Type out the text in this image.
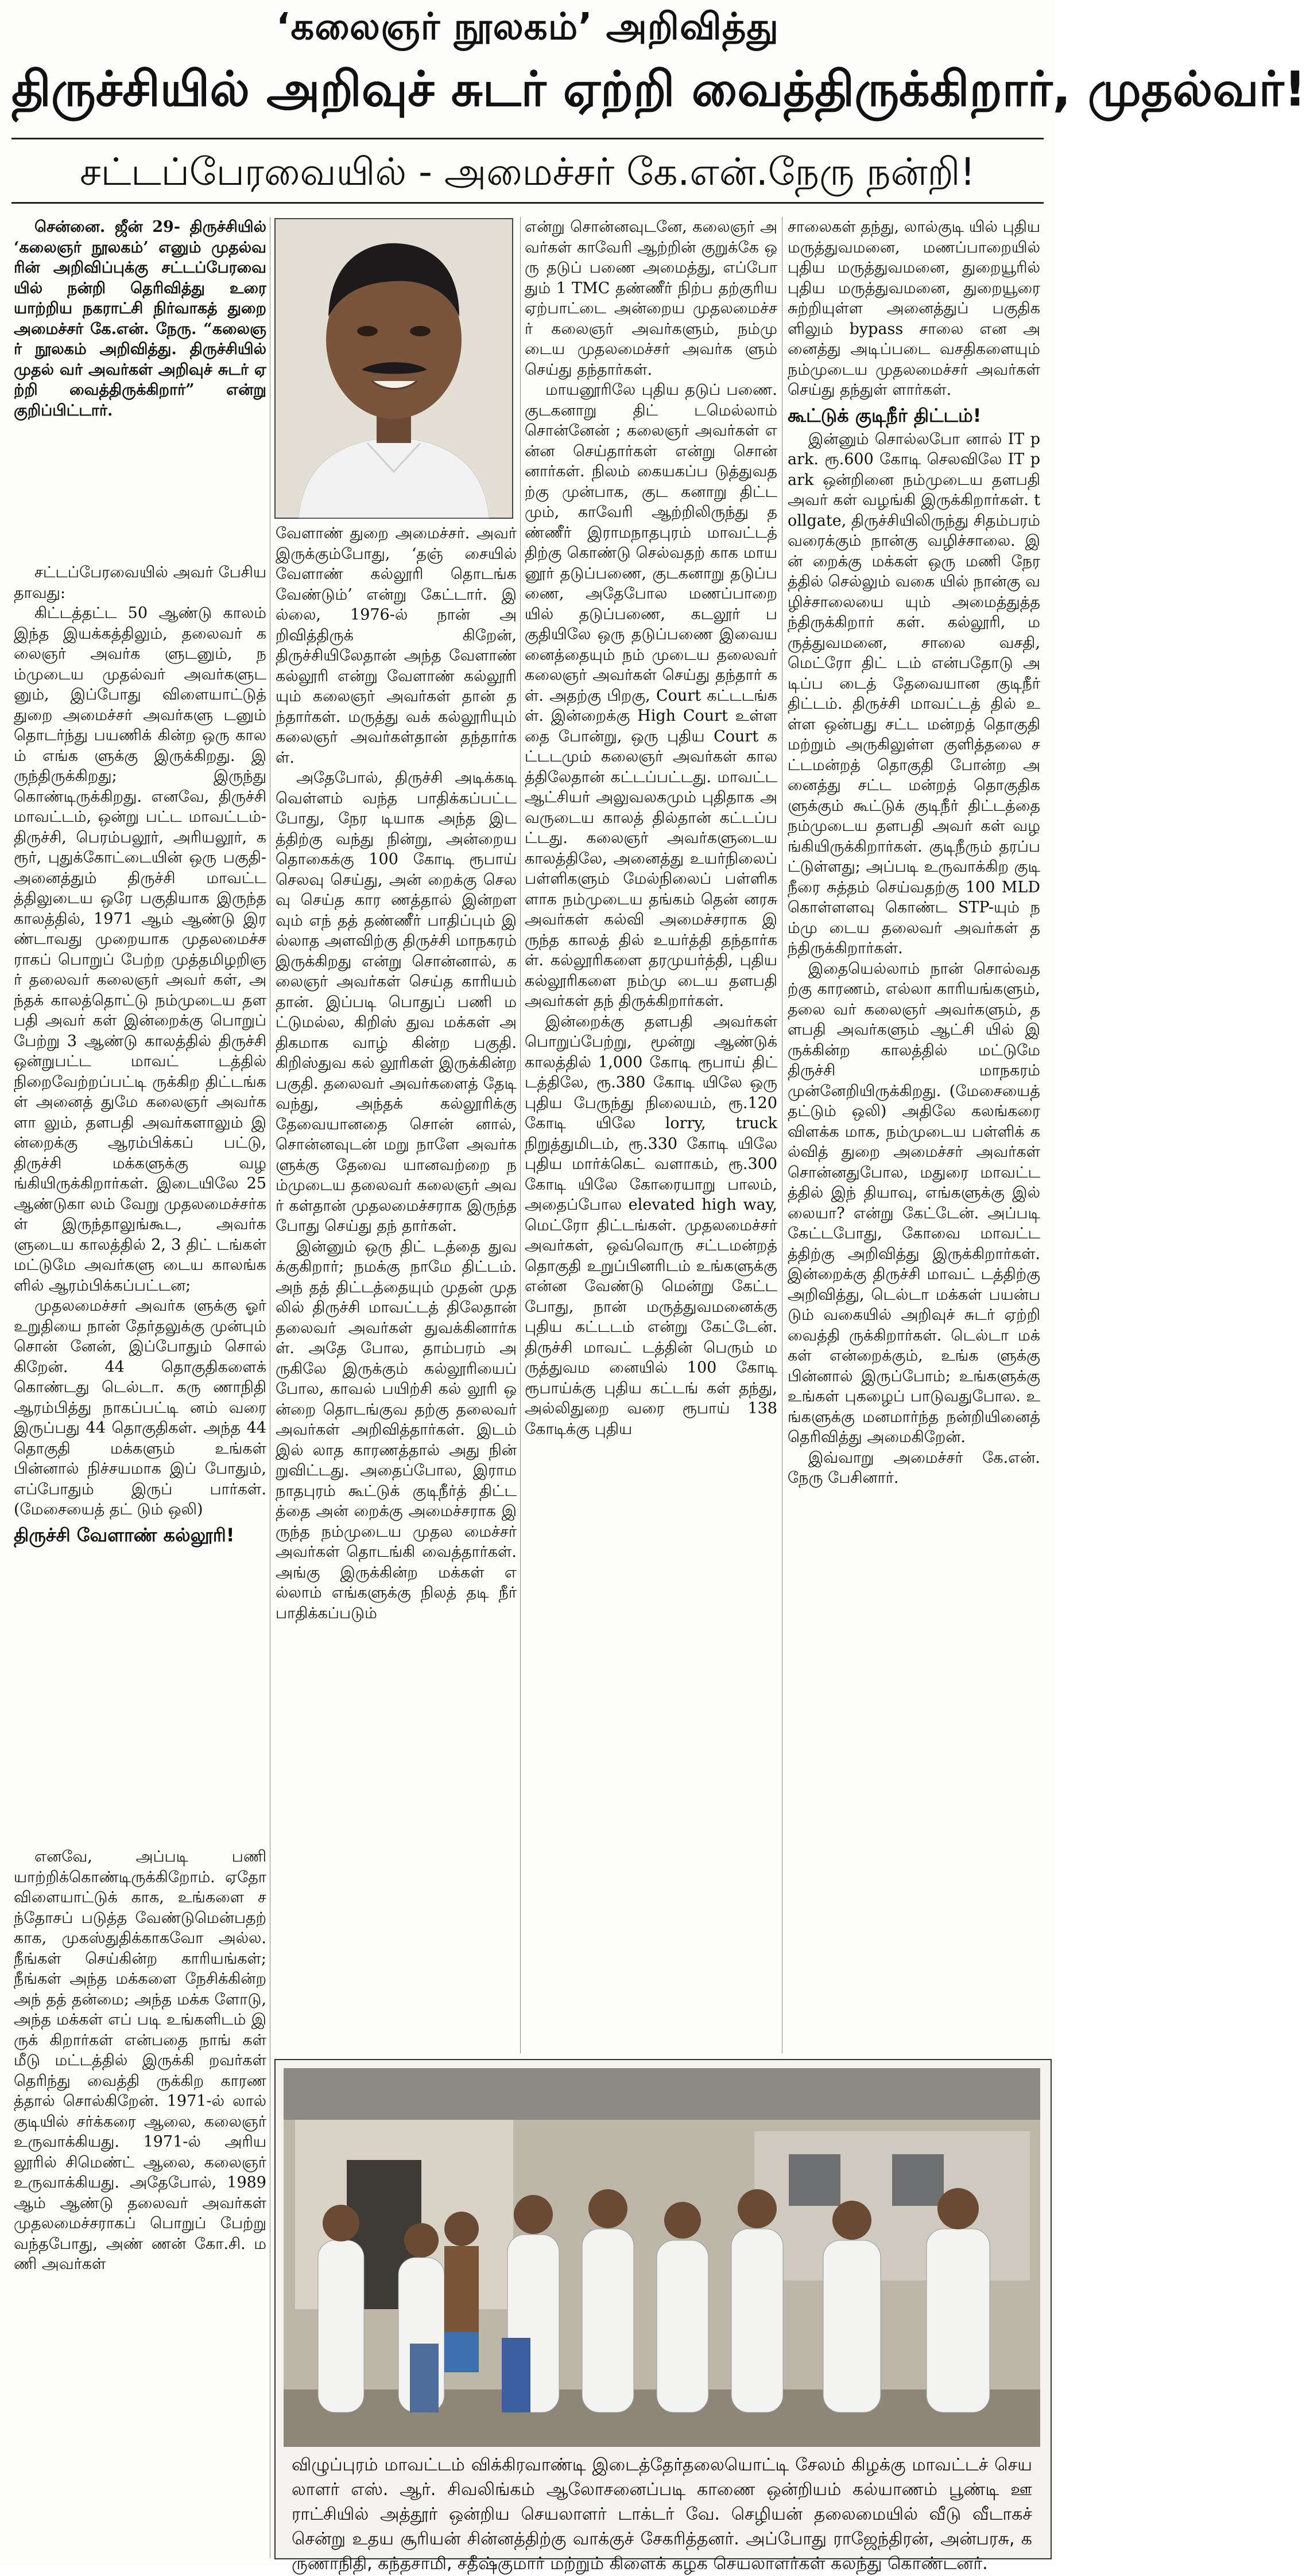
‘கலைஞர் நூலகம்’ அறிவித்து
திருச்சியில் அறிவுச் சுடர் ஏற்றி வைத்திருக்கிறார், முதல்வர்!
சட்டப்பேரவையில் - அமைச்சர் கே.என்.நேரு நன்றி!

சென்னை. ஜீன் 29- திருச்சியில் ‘கலைஞர் நூலகம்’ எனும் முதல்வரின் அறிவிப்புக்கு சட்டப்பேரவை யில் நன்றி தெரிவித்து உரை யாற்றிய நகராட்சி நிர்வாகத் துறை அமைச்சர் கே.என். நேரு. “கலைஞர் நூலகம் அறிவித்து. திருச்சியில் முதல் வர் அவர்கள் அறிவுச் சுடர் ஏற்றி வைத்திருக்கிறார்” என்று குறிப்பிட்டார்.

சட்டப்பேரவையில் அவர் பேசியதாவது:

கிட்டத்தட்ட 50 ஆண்டு காலம் இந்த இயக்கத்திலும், தலைவர் கலைஞர் அவர்க ளுடனும், நம்முடைய முதல்வர் அவர்களுடனும், இப்போது விளையாட்டுத் துறை அமைச்சர் அவர்களு டனும் தொடர்ந்து பயணிக் கின்ற ஒரு காலம் எங்க ளுக்கு இருக்கிறது. இருந்திருக்கிறது; இருந்து கொண்டிருக்கிறது. எனவே, திருச்சி மாவட்டம், ஒன்று பட்ட மாவட்டம்-திருச்சி, பெரம்பலூர், அரியலூர், கரூர், புதுக்கோட்டையின் ஒரு பகுதி- அனைத்தும் திருச்சி மாவட்டத்திலுடைய ஒரே பகுதியாக இருந்த காலத்தில், 1971 ஆம் ஆண்டு இரண்டாவது முறையாக முதலமைச்சராகப் பொறுப் பேற்ற முத்தமிழறிஞர் தலைவர் கலைஞர் அவர் கள், அந்தக் காலத்தொட்டு நம்முடைய தளபதி அவர் கள் இன்றைக்கு பொறுப் பேற்று 3 ஆண்டு காலத்தில் திருச்சி ஒன்றுபட்ட மாவட் டத்தில் நிறைவேற்றப்பட்டி ருக்கிற திட்டங்கள் அனைத் துமே கலைஞர் அவர்களா லும், தளபதி அவர்களாலும் இன்றைக்கு ஆரம்பிக்கப் பட்டு, திருச்சி மக்களுக்கு வழங்கியிருக்கிறார்கள். இடையிலே 25 ஆண்டுகா லம் வேறு முதலமைச்சர்கள் இருந்தாலுங்கூட, அவர்க ளுடைய காலத்தில் 2, 3 திட் டங்கள் மட்டுமே அவர்களு டைய காலங்களில் ஆரம்பிக்கப்பட்டன;

முதலமைச்சர் அவர்க ளுக்கு ஓர் உறுதியை நான் தேர்தலுக்கு முன்பும் சொன் னேன், இப்போதும் சொல் கிறேன். 44 தொகுதிகளைக் கொண்டது டெல்டா. கரு ணாநிதி ஆரம்பித்து நாகப்பட்டி னம் வரை இருப்பது 44 தொகுதிகள். அந்த 44 தொகுதி மக்களும் உங்கள் பின்னால் நிச்சயமாக இப் போதும், எப்போதும் இருப் பார்கள். (மேசையைத் தட் டும் ஒலி)

திருச்சி வேளாண் கல்லூரி!

எனவே, அப்படி பணி யாற்றிக்கொண்டிருக்கிறோம். ஏதோ விளையாட்டுக் காக, உங்களை சந்தோசப் படுத்த வேண்டுமென்பதற் காக, முகஸ்துதிக்காகவோ அல்ல. நீங்கள் செய்கின்ற காரியங்கள்; நீங்கள் அந்த மக்களை நேசிக்கின்ற அந் தத் தன்மை; அந்த மக்க ளோடு, அந்த மக்கள் எப் படி உங்களிடம் இருக் கிறார்கள் என்பதை நாங் கள் மீடு மட்டத்தில் இருக்கி றவர்கள் தெரிந்து வைத்தி ருக்கிற காரணத்தால் சொல்கிறேன். 1971-ல் லால் குடியில் சர்க்கரை ஆலை, கலைஞர் உருவாக்கியது. 1971-ல் அரியலூரில் சிமெண்ட் ஆலை, கலைஞர் உருவாக்கியது. அதேபோல், 1989 ஆம் ஆண்டு தலைவர் அவர்கள் முதலமைச்சராகப் பொறுப் பேற்று வந்தபோது, அண் ணன் கோ.சி. மணி அவர்கள்

வேளாண் துறை அமைச்சர். அவர் இருக்கும்போது, ‘தஞ் சையில் வேளாண் கல்லூரி தொடங்க வேண்டும்’ என்று கேட்டார். இல்லை, 1976-ல் நான் அறிவித்திருக் கிறேன், திருச்சியிலேதான் அந்த வேளாண் கல்லூரி என்று வேளாண் கல்லூரி யும் கலைஞர் அவர்கள் தான் தந்தார்கள். மருத்து வக் கல்லூரியும் கலைஞர் அவர்கள்தான் தந்தார்கள்.

அதேபோல், திருச்சி அடிக்கடி வெள்ளம் வந்த பாதிக்கப்பட்டபோது, நேர டியாக அந்த இடத்திற்கு வந்து நின்று, அன்றைய தொகைக்கு 100 கோடி ரூபாய் செலவு செய்து, அன் றைக்கு செலவு செய்த கார ணத்தால் இன்றளவும் எந் தத் தண்ணீர் பாதிப்பும் இல்லாத அளவிற்கு திருச்சி மாநகரம் இருக்கிறது என்று சொன்னால், கலைஞர் அவர்கள் செய்த காரியம் தான். இப்படி பொதுப் பணி மட்டுமல்ல, கிறிஸ் துவ மக்கள் அதிகமாக வாழ் கின்ற பகுதி. கிறிஸ்துவ கல் லூரிகள் இருக்கின்ற பகுதி. தலைவர் அவர்களைத் தேடி வந்து, அந்தக் கல்லூரிக்கு தேவையானதை சொன் னால், சொன்னவுடன் மறு நாளே அவர்களுக்கு தேவை யானவற்றை நம்முடைய தலைவர் கலைஞர் அவர் கள்தான் முதலமைச்சராக இருந்தபோது செய்து தந் தார்கள்.

இன்னும் ஒரு திட் டத்தை துவக்குகிறார்; நமக்கு நாமே திட்டம். அந் தத் திட்டத்தையும் முதன் முதலில் திருச்சி மாவட்டத் திலேதான் தலைவர் அவர்கள் துவக்கினார்கள். அதே போல, தாம்பரம் அருகிலே இருக்கும் கல்லூரியைப் போல, காவல் பயிற்சி கல் லூரி ஒன்றை தொடங்குவ தற்கு தலைவர் அவர்கள் அறிவித்தார்கள். இடம் இல் லாத காரணத்தால் அது நின் றுவிட்டது. அதைப்போல, இராமநாதபுரம் கூட்டுக் குடிநீர்த் திட்டத்தை அன் றைக்கு அமைச்சராக இருந்த நம்முடைய முதல மைச்சர் அவர்கள் தொடங்கி வைத்தார்கள். அங்கு இருக்கின்ற மக்கள் எல்லாம் எங்களுக்கு நிலத் தடி நீர் பாதிக்கப்படும்

என்று சொன்னவுடனே, கலைஞர் அவர்கள் காவேரி ஆற்றின் குறுக்கே ஒரு தடுப் பணை அமைத்து, எப்போ தும் 1 TMC தண்ணீர் நிற்ப தற்குரிய ஏற்பாட்டை அன்றைய முதலமைச்சர் கலைஞர் அவர்களும், நம்மு டைய முதலமைச்சர் அவர்க ளும் செய்து தந்தார்கள்.

மாயனூரிலே புதிய தடுப் பணை. குடகனாறு திட் டமெல்லாம் சொன்னேன் ; கலைஞர் அவர்கள் என்ன செய்தார்கள் என்று சொன் னார்கள். நிலம் கையகப்ப டுத்துவதற்கு முன்பாக, குட கனாறு திட்டமும், காவேரி ஆற்றிலிருந்து தண்ணீர் இராமநாதபுரம் மாவட்டத் திற்கு கொண்டு செல்வதற் காக மாயனூர் தடுப்பணை, குடகனாறு தடுப்பணை, அதேபோல மணப்பாறை யில் தடுப்பணை, கடலூர் பகுதியிலே ஒரு தடுப்பணை இவையனைத்தையும் நம் முடைய தலைவர் கலைஞர் அவர்கள் செய்து தந்தார் கள். அதற்கு பிறகு, Court கட்டடங்கள். இன்றைக்கு High Court உள்ளதை போன்று, ஒரு புதிய Court கட்டடமும் கலைஞர் அவர்கள் காலத்திலேதான் கட்டப்பட்டது. மாவட்ட ஆட்சியர் அலுவலகமும் புதிதாக அவருடைய காலத் தில்தான் கட்டப்பட்டது. கலைஞர் அவர்களுடைய காலத்திலே, அனைத்து உயர்நிலைப் பள்ளிகளும் மேல்நிலைப் பள்ளிகளாக நம்முடைய தங்கம் தென் னரசு அவர்கள் கல்வி அமைச்சராக இருந்த காலத் தில் உயர்த்தி தந்தார்கள். கல்லூரிகளை தரமுயர்த்தி, புதிய கல்லூரிகளை நம்மு டைய தளபதி அவர்கள் தந் திருக்கிறார்கள்.

இன்றைக்கு தளபதி அவர்கள் பொறுப்பேற்று, மூன்று ஆண்டுக் காலத்தில் 1,000 கோடி ரூபாய் திட் டத்திலே, ரூ.380 கோடி யிலே ஒரு புதிய பேருந்து நிலையம், ரூ.120 கோடி யிலே lorry, truck நிறுத்துமிடம், ரூ.330 கோடி யிலே புதிய மார்க்கெட் வளாகம், ரூ.300 கோடி யிலே கோரையாறு பாலம், அதைப்போல elevated high way, மெட்ரோ திட்டங்கள். முதலமைச்சர் அவர்கள், ஒவ்வொரு சட்டமன்றத் தொகுதி உறுப்பினரிடம் உங்களுக்கு என்ன வேண்டு மென்று கேட்டபோது, நான் மருத்துவமனைக்கு புதிய கட்டடம் என்று கேட்டேன். திருச்சி மாவட் டத்தின் பெரும் மருத்துவம னையில் 100 கோடி ரூபாய்க்கு புதிய கட்டங் கள் தந்து, அல்லிதுறை வரை ரூபாய் 138 கோடிக்கு புதிய

சாலைகள் தந்து, லால்குடி யில் புதிய மருத்துவமனை, மணப்பாறையில் புதிய மருத்துவமனை, துறையூரில் புதிய மருத்துவமனை, துறையூரை சுற்றியுள்ள அனைத்துப் பகுதிகளிலும் bypass சாலை என அனைத்து அடிப்படை வசதிகளையும் நம்முடைய முதலமைச்சர் அவர்கள் செய்து தந்துள் ளார்கள்.

கூட்டுக் குடிநீர் திட்டம்!

இன்னும் சொல்லபோ னால் IT park. ரூ.600 கோடி செலவிலே IT park ஒன்றினை நம்முடைய தளபதி அவர் கள் வழங்கி இருக்கிறார்கள். tollgate, திருச்சியிலிருந்து சிதம்பரம் வரைக்கும் நான்கு வழிச்சாலை. இன் றைக்கு மக்கள் ஒரு மணி நேரத்தில் செல்லும் வகை யில் நான்கு வழிச்சாலையை யும் அமைத்துத்தந்திருக்கிறார் கள். கல்லூரி, மருத்துவமனை, சாலை வசதி, மெட்ரோ திட் டம் என்பதோடு அடிப்ப டைத் தேவையான குடிநீர் திட்டம். திருச்சி மாவட்டத் தில் உள்ள ஒன்பது சட்ட மன்றத் தொகுதி மற்றும் அருகிலுள்ள குளித்தலை சட்டமன்றத் தொகுதி போன்ற அனைத்து சட்ட மன்றத் தொகுதிகளுக்கும் கூட்டுக் குடிநீர் திட்டத்தை நம்முடைய தளபதி அவர் கள் வழங்கியிருக்கிறார்கள். குடிநீரும் தரப்பட்டுள்ளது; அப்படி உருவாக்கிற குடி நீரை சுத்தம் செய்வதற்கு 100 MLD கொள்ளளவு கொண்ட STP-யும் நம்மு டைய தலைவர் அவர்கள் தந்திருக்கிறார்கள்.

இதையெல்லாம் நான் சொல்வதற்கு காரணம், எல்லா காரியங்களும், தலை வர் கலைஞர் அவர்களும், தளபதி அவர்களும் ஆட்சி யில் இருக்கின்ற காலத்தில் மட்டுமே திருச்சி மாநகரம் முன்னேறியிருக்கிறது. (மேசையைத் தட்டும் ஒலி) அதிலே கலங்கரை விளக்க மாக, நம்முடைய பள்ளிக் கல்வித் துறை அமைச்சர் அவர்கள் சொன்னதுபோல, மதுரை மாவட்டத்தில் இந் தியாவு, எங்களுக்கு இல் லையா? என்று கேட்டேன். அப்படி கேட்டபோது, கோவை மாவட்டத்திற்கு அறிவித்து இருக்கிறார்கள். இன்றைக்கு திருச்சி மாவட் டத்திற்கு அறிவித்து, டெல்டா மக்கள் பயன்படும் வகையில் அறிவுச் சுடர் ஏற்றி வைத்தி ருக்கிறார்கள். டெல்டா மக் கள் என்றைக்கும், உங்க ளுக்கு பின்னால் இருப்போம்; உங்களுக்கு உங்கள் புகழைப் பாடுவதுபோல. உங்களுக்கு மனமார்ந்த நன்றியினைத் தெரிவித்து அமைகிறேன்.

இவ்வாறு அமைச்சர் கே.என்.நேரு பேசினார்.

விழுப்புரம் மாவட்டம் விக்கிரவாண்டி இடைத்தேர்தலையொட்டி சேலம் கிழக்கு மாவட்டச் செயலாளர் எஸ். ஆர். சிவலிங்கம் ஆலோசனைப்படி காணை ஒன்றியம் கல்யாணம் பூண்டி ஊராட்சியில் அத்தூர் ஒன்றிய செயலாளர் டாக்டர் வே. செழியன் தலைமையில் வீடு வீடாகச் சென்று உதய சூரியன் சின்னத்திற்கு வாக்குச் சேகரித்தனர். அப்போது ராஜேந்திரன், அன்பரசு, கருணாநிதி, கந்தசாமி, சதீஷ்குமார் மற்றும் கிளைக் கழக செயலாளர்கள் கலந்து கொண்டனர்.
